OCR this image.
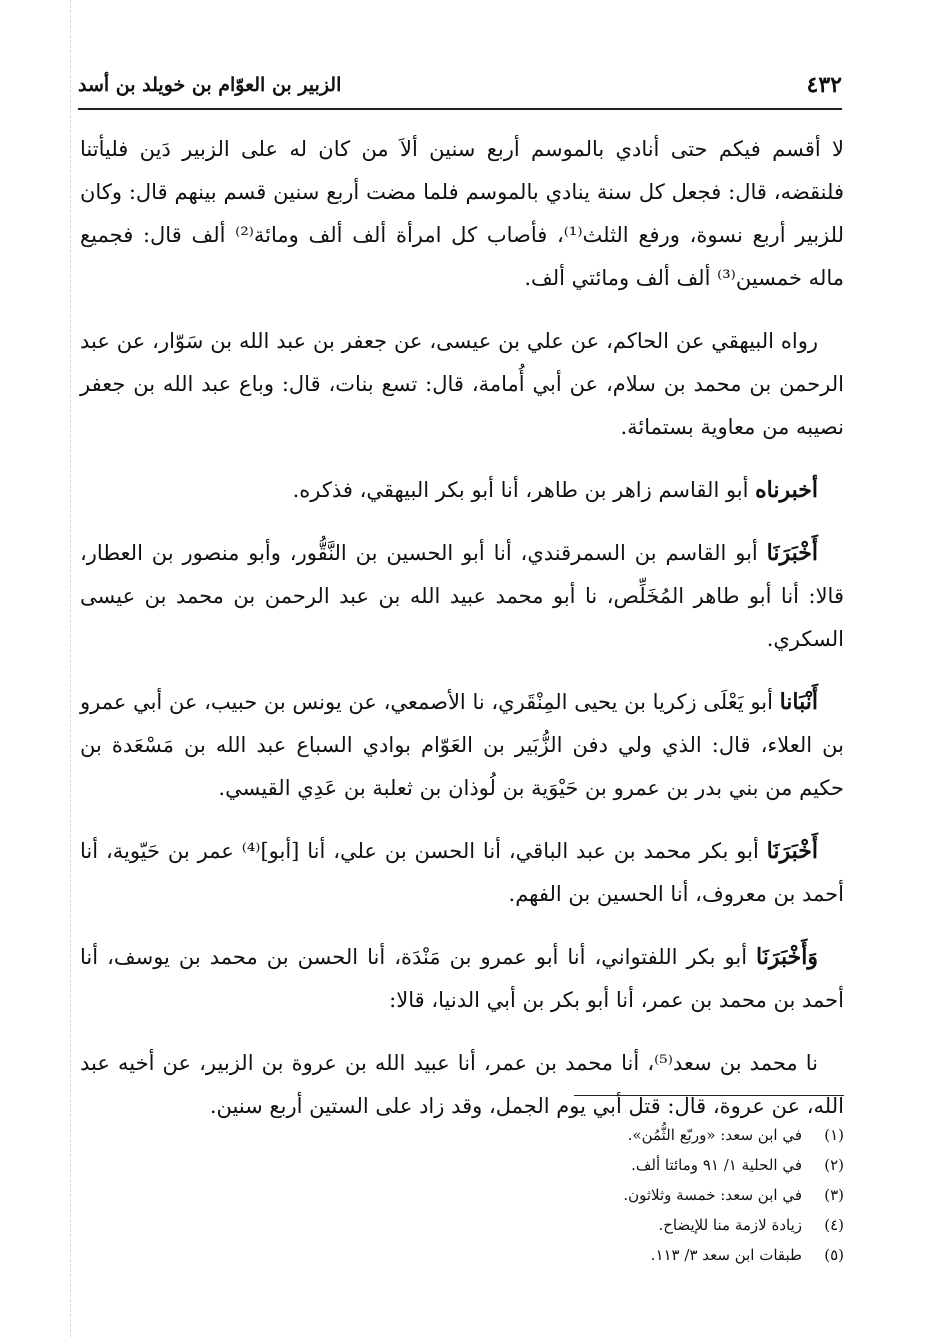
٤٣٢
الزبير بن العوّام بن خويلد بن أسد

لا أقسم فيكم حتى أنادي بالموسم أربع سنين ألاَ من كان له على الزبير دَين فليأتنا فلنقضه، قال: فجعل كل سنة ينادي بالموسم فلما مضت أربع سنين قسم بينهم قال: وكان للزبير أربع نسوة، ورفع الثلث⁽¹⁾، فأصاب كل امرأة ألف ألف ومائة⁽²⁾ ألف قال: فجميع ماله خمسين⁽³⁾ ألف ألف ومائتي ألف.

رواه البيهقي عن الحاكم، عن علي بن عيسى، عن جعفر بن عبد الله بن سَوّار، عن عبد الرحمن بن محمد بن سلام، عن أبي أُمامة، قال: تسع بنات، قال: وباع عبد الله بن جعفر نصيبه من معاوية بستمائة.

أخبرناه أبو القاسم زاهر بن طاهر، أنا أبو بكر البيهقي، فذكره.

أَخْبَرَنَا أبو القاسم بن السمرقندي، أنا أبو الحسين بن النَّقُّور، وأبو منصور بن العطار، قالا: أنا أبو طاهر المُخَلِّص، نا أبو محمد عبيد الله بن عبد الرحمن بن محمد بن عيسى السكري.

أَنْبَانا أبو يَعْلَى زكريا بن يحيى المِنْقَري، نا الأصمعي، عن يونس بن حبيب، عن أبي عمرو بن العلاء، قال: الذي ولي دفن الزُّبَير بن العَوّام بوادي السباع عبد الله بن مَسْعَدة بن حكيم من بني بدر بن عمرو بن حَيْوَية بن لُوذان بن ثعلبة بن عَدِي القيسي.

أَخْبَرَنَا أبو بكر محمد بن عبد الباقي، أنا الحسن بن علي، أنا [أبو]⁽⁴⁾ عمر بن حَيّوية، أنا أحمد بن معروف، أنا الحسين بن الفهم.

وَأَخْبَرَنَا أبو بكر اللفتواني، أنا أبو عمرو بن مَنْدَة، أنا الحسن بن محمد بن يوسف، أنا أحمد بن محمد بن عمر، أنا أبو بكر بن أبي الدنيا، قالا:

نا محمد بن سعد⁽⁵⁾، أنا محمد بن عمر، أنا عبيد الله بن عروة بن الزبير، عن أخيه عبد الله، عن عروة، قال: قتل أبي يوم الجمل، وقد زاد على الستين أربع سنين.

(١)
في ابن سعد: «وربّع الثُّمُن».
(٢)
في الحلية ١/ ٩١ ومائتا ألف.
(٣)
في ابن سعد: خمسة وثلاثون.
(٤)
زيادة لازمة منا للإيضاح.
(٥)
طبقات ابن سعد ٣/ ١١٣.
